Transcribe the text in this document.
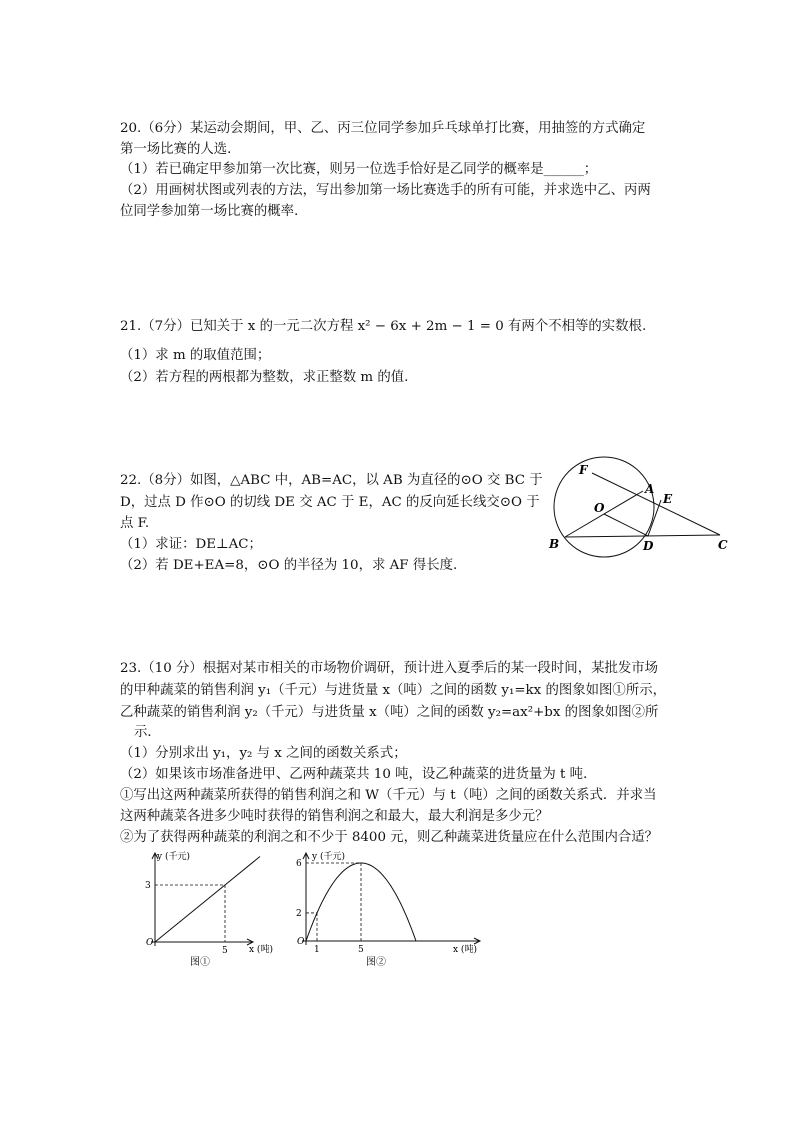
20.（6分）某运动会期间，甲、乙、丙三位同学参加乒乓球单打比赛，用抽签的方式确定
第一场比赛的人选．
（1）若已确定甲参加第一次比赛，则另一位选手恰好是乙同学的概率是______；
（2）用画树状图或列表的方法，写出参加第一场比赛选手的所有可能，并求选中乙、丙两
位同学参加第一场比赛的概率．
21.（7分）已知关于 x 的一元二次方程 x² − 6x + 2m − 1 = 0 有两个不相等的实数根.
（1）求 m 的取值范围；
（2）若方程的两根都为整数，求正整数 m 的值.
22.（8分）如图，△ABC 中，AB=AC，以 AB 为直径的⊙O 交 BC 于
D，过点 D 作⊙O 的切线 DE 交 AC 于 E，AC 的反向延长线交⊙O 于
点 F.
（1）求证：DE⊥AC；
（2）若 DE+EA=8，⊙O 的半径为 10，求 AF 得长度.
F
A
E
O
B	D	C
23.（10 分）根据对某市相关的市场物价调研，预计进入夏季后的某一段时间，某批发市场
的甲种蔬菜的销售利润 y₁（千元）与进货量 x（吨）之间的函数 y₁=kx 的图象如图①所示，
乙种蔬菜的销售利润 y₂（千元）与进货量 x（吨）之间的函数 y₂=ax²+bx 的图象如图②所
示．
（1）分别求出 y₁，y₂ 与 x 之间的函数关系式；
（2）如果该市场准备进甲、乙两种蔬菜共 10 吨，设乙种蔬菜的进货量为 t 吨．
①写出这两种蔬菜所获得的销售利润之和 W（千元）与 t（吨）之间的函数关系式．并求当
这两种蔬菜各进多少吨时获得的销售利润之和最大，最大利润是多少元？
②为了获得两种蔬菜的利润之和不少于 8400 元，则乙种蔬菜进货量应在什么范围内合适？
5
3
O
y (千元)
x (吨)
图①
1	5
2
6
O
y (千元)
x (吨)
图②
